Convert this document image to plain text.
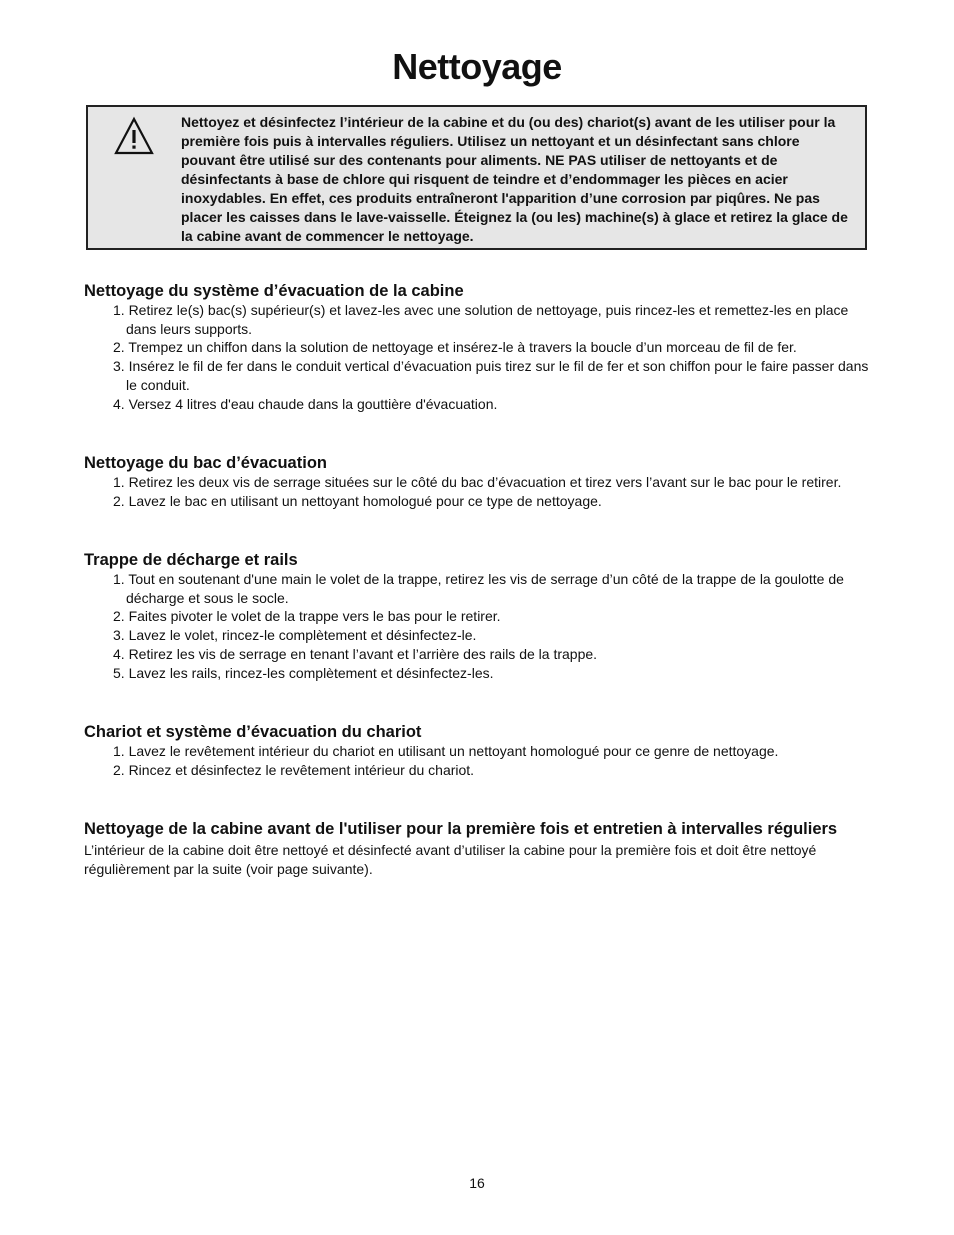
Nettoyage

Nettoyez et désinfectez l’intérieur de la cabine et du (ou des) chariot(s) avant de les utiliser pour la première fois puis à intervalles réguliers. Utilisez un nettoyant et un désinfectant sans chlore pouvant être utilisé sur des contenants pour aliments. NE PAS utiliser de nettoyants et de désinfectants à base de chlore qui risquent de teindre et d’endommager les pièces en acier inoxydables. En effet, ces produits entraîneront l'apparition d’une corrosion par piqûres. Ne pas placer les caisses dans le lave-vaisselle. Éteignez la (ou les) machine(s) à glace et retirez la glace de la cabine avant de commencer le nettoyage.

Nettoyage du système d’évacuation de la cabine
1. Retirez le(s) bac(s) supérieur(s) et lavez-les avec une solution de nettoyage, puis rincez-les et remettez-les en place dans leurs supports.
2. Trempez un chiffon dans la solution de nettoyage et insérez-le à travers la boucle d’un morceau de fil de fer.
3. Insérez le fil de fer dans le conduit vertical d’évacuation puis tirez sur le fil de fer et son chiffon pour le faire passer dans le conduit.
4. Versez 4 litres d'eau chaude dans la gouttière d'évacuation.
Nettoyage du bac d’évacuation
1. Retirez les deux vis de serrage situées sur le côté du bac d’évacuation et tirez vers l’avant sur le bac pour le retirer.
2. Lavez le bac en utilisant un nettoyant homologué pour ce type de nettoyage.
Trappe de décharge et rails
1. Tout en soutenant d'une main le volet de la trappe, retirez les vis de serrage d’un côté de la trappe de la goulotte de décharge et sous le socle.
2. Faites pivoter le volet de la trappe vers le bas pour le retirer.
3. Lavez le volet, rincez-le complètement et désinfectez-le.
4. Retirez les vis de serrage en tenant l’avant et l’arrière des rails de la trappe.
5. Lavez les rails, rincez-les complètement et désinfectez-les.
Chariot et système d’évacuation du chariot
1. Lavez le revêtement intérieur du chariot en utilisant un nettoyant homologué pour ce genre de nettoyage.
2. Rincez et désinfectez le revêtement intérieur du chariot.
Nettoyage de la cabine avant de l'utiliser pour la première fois et entretien à intervalles réguliers

L’intérieur de la cabine doit être nettoyé et désinfecté avant d’utiliser la cabine pour la première fois et doit être nettoyé régulièrement par la suite (voir page suivante).

16
